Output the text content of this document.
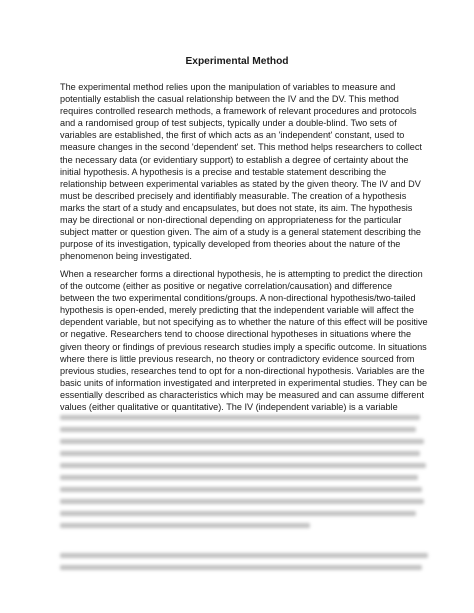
Experimental Method
The experimental method relies upon the manipulation of variables to measure and
potentially establish the casual relationship between the IV and the DV. This method
requires controlled research methods, a framework of relevant procedures and protocols
and a randomised group of test subjects, typically under a double-blind. Two sets of
variables are established, the first of which acts as an 'independent' constant, used to
measure changes in the second 'dependent' set. This method helps researchers to collect
the necessary data (or evidentiary support) to establish a degree of certainty about the
initial hypothesis. A hypothesis is a precise and testable statement describing the
relationship between experimental variables as stated by the given theory. The IV and DV
must be described precisely and identifiably measurable. The creation of a hypothesis
marks the start of a study and encapsulates, but does not state, its aim. The hypothesis
may be directional or non-directional depending on appropriateness for the particular
subject matter or question given. The aim of a study is a general statement describing the
purpose of its investigation, typically developed from theories about the nature of the
phenomenon being investigated.
When a researcher forms a directional hypothesis, he is attempting to predict the direction
of the outcome (either as positive or negative correlation/causation) and difference
between the two experimental conditions/groups. A non-directional hypothesis/two-tailed
hypothesis is open-ended, merely predicting that the independent variable will affect the
dependent variable, but not specifying as to whether the nature of this effect will be positive
or negative. Researchers tend to choose directional hypotheses in situations where the
given theory or findings of previous research studies imply a specific outcome. In situations
where there is little previous research, no theory or contradictory evidence sourced from
previous studies, researches tend to opt for a non-directional hypothesis. Variables are the
basic units of information investigated and interpreted in experimental studies. They can be
essentially described as characteristics which may be measured and can assume different
values (either qualitative or quantitative). The IV (independent variable) is a variable
